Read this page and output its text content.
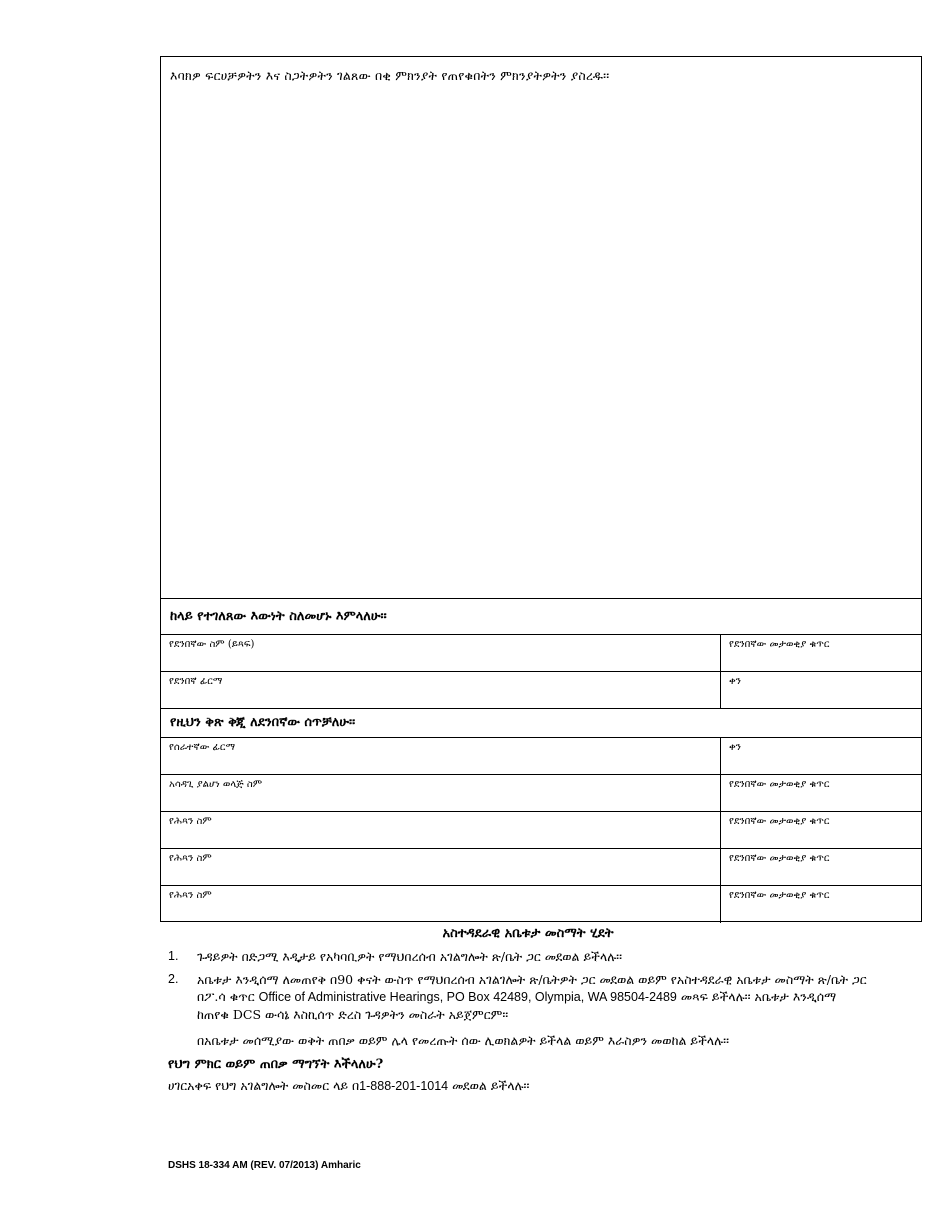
እባክዎ ፍርሀቻዎትን እና ስጋትዎትን ገልጸው በቂ ምክንያት የጠየቁበትን ምክንያትዎትን ያስረዱ፡፡
ከላይ የተገለጸው እውነት ስለመሆኑ እምላለሁ፡፡
የደንበኛው ስም (ይጻፍ)	የደንበኛው መታወቂያ ቁጥር
የደንበኛ ፊርማ	ቀን
የዚህን ቅጽ ቅጂ ለደንበኛው ሰጥቻለሁ፡፡
የሰራተኛው ፊርማ	ቀን
አሳዳጊ ያልሆነ ወላጅ ስም	የደንበኛው መታወቂያ ቁጥር
የሕጻን ስም	የደንበኛው መታወቂያ ቁጥር
የሕጻን ስም	የደንበኛው መታወቂያ ቁጥር
የሕጻን ስም	የደንበኛው መታወቂያ ቁጥር
አስተዳደራዊ አቤቱታ መስማት ሂደት
1. ጉዳይዎት በድጋሚ እዲታይ የአካባቢዎት የማህበረሰብ አገልግሎት ጽ/ቤት ጋር መደወል ይችላሉ፡፡

2. አቤቱታ እንዲሰማ ለመጠየቅ በ90 ቀናት ውስጥ የማህበረሰብ አገልገሎት ጽ/ቤትዎት ጋር መደወል ወይም የአስተዳደራዊ አቤቱታ መስማት ጽ/ቤት ጋር በፖ.ሳ ቁጥር Office of Administrative Hearings, PO Box 42489, Olympia, WA 98504-2489 መጻፍ ይችላሉ፡፡ አቤቱታ እንዲሰማ ከጠየቁ DCS ውሳኔ እስኪሰጥ ድረስ ጉዳዎትን መስራት አይጀምርም፡፡

በአቤቱታ መሰሚያው ወቅት ጠበቃ ወይም ሌላ የመረጡት ሰው ሊወክልዎት ይችላል ወይም እራስዎን መወከል ይችላሉ፡፡

የህግ ምክር ወይም ጠበቃ ማግኘት እችላለሁ?

ሀገርአቀፍ የህግ አገልግሎት መስመር ላይ በ1-888-201-1014 መደወል ይችላሉ፡፡

DSHS 18-334 AM (REV. 07/2013) Amharic
